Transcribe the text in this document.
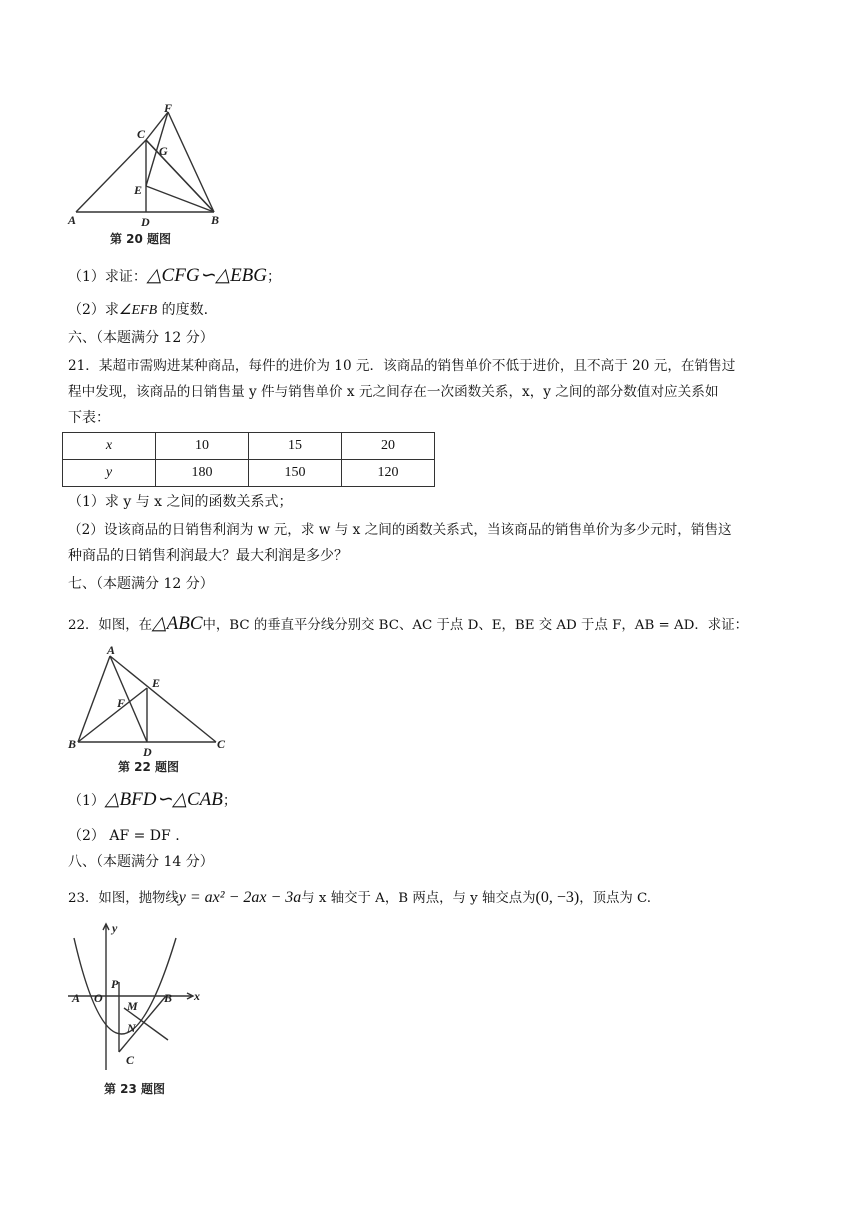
F
C
G
E
A	D	B
第 20 题图
（1）求证：△CFG∽△EBG；
（2）求∠EFB 的度数.
六、（本题满分 12 分）
21．某超市需购进某种商品，每件的进价为 10 元．该商品的销售单价不低于进价，且不高于 20 元，在销售过
程中发现，该商品的日销售量 y 件与销售单价 x 元之间存在一次函数关系，x，y 之间的部分数值对应关系如
下表：
x	10	15	20
y	180	150	120
（1）求 y 与 x 之间的函数关系式；
（2）设该商品的日销售利润为 w 元，求 w 与 x 之间的函数关系式，当该商品的销售单价为多少元时，销售这
种商品的日销售利润最大？最大利润是多少？
七、（本题满分 12 分）
22．如图，在△ABC中，BC 的垂直平分线分别交 BC、AC 于点 D、E，BE 交 AD 于点 F，AB = AD．求证：
A
E
F
B
D
C
第 22 题图
（1）△BFD∽△CAB；
（2） AF = DF .
八、（本题满分 14 分）
23．如图，抛物线y = ax² − 2ax − 3a与 x 轴交于 A，B 两点，与 y 轴交点为(0, −3)，顶点为 C.
y
x
A O
P
B
M
N
C
第 23 题图
